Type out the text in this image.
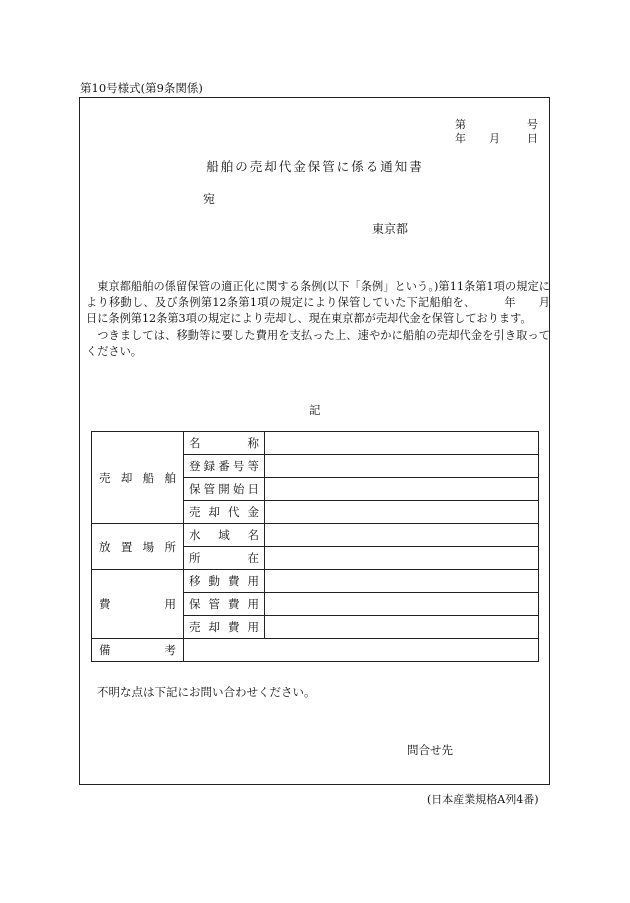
第10号様式(第9条関係)
第	号
年 月 日
船舶の売却代金保管に係る通知書
宛
東京都

東京都船舶の係留保管の適正化に関する条例(以下「条例」という。)第11条第1項の規定により移動し、及び条例第12条第1項の規定により保管していた下記船舶を、　　　年　　月　　日に条例第12条第3項の規定により売却し、現在東京都が売却代金を保管しております。

つきましては、移動等に要した費用を支払った上、速やかに船舶の売却代金を引き取ってください。

記
売 却 船 舶	名 称	

	登 録 番 号 等	

	保 管 開 始 日	

	売 却 代 金	

放 置 場 所	水 域 名	

	所 在	

費 用	移 動 費 用	

	保 管 費 用	

	売 却 費 用	

備 考		

不明な点は下記にお問い合わせください。
問合せ先
(日本産業規格A列4番)
